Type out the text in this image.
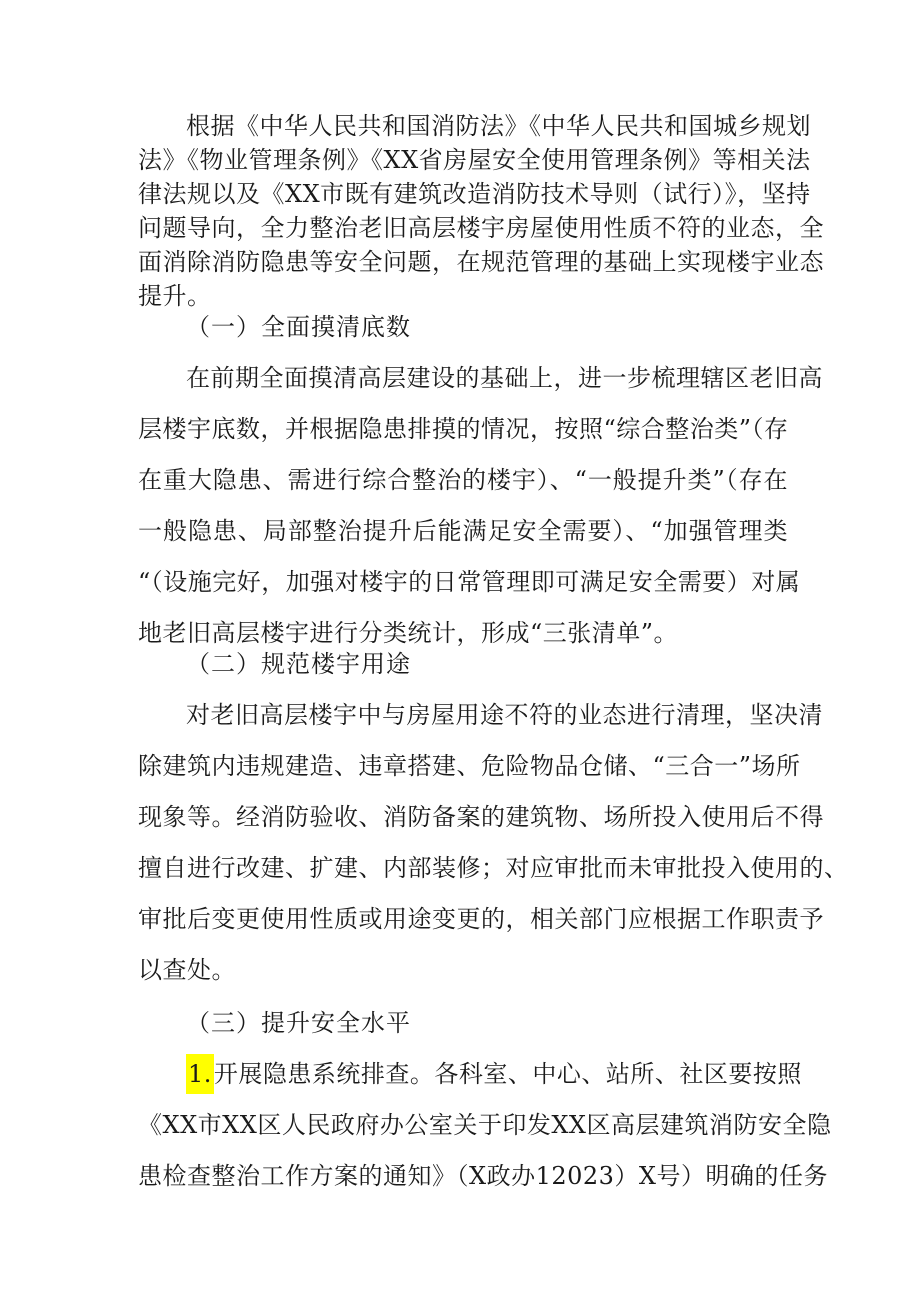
根据《中华人民共和国消防法》《中华人民共和国城乡规划
法》《物业管理条例》《XX省房屋安全使用管理条例》等相关法
律法规以及《XX市既有建筑改造消防技术导则（试行）》，坚持
问题导向，全力整治老旧高层楼宇房屋使用性质不符的业态，全
面消除消防隐患等安全问题，在规范管理的基础上实现楼宇业态
提升。
（一）全面摸清底数
在前期全面摸清高层建设的基础上，进一步梳理辖区老旧高
层楼宇底数，并根据隐患排摸的情况，按照“综合整治类”（存
在重大隐患、需进行综合整治的楼宇）、“一般提升类”（存在
一般隐患、局部整治提升后能满足安全需要）、“加强管理类
“（设施完好，加强对楼宇的日常管理即可满足安全需要）对属
地老旧高层楼宇进行分类统计，形成“三张清单”。
（二）规范楼宇用途
对老旧高层楼宇中与房屋用途不符的业态进行清理，坚决清
除建筑内违规建造、违章搭建、危险物品仓储、“三合一”场所
现象等。经消防验收、消防备案的建筑物、场所投入使用后不得
擅自进行改建、扩建、内部装修；对应审批而未审批投入使用的、
审批后变更使用性质或用途变更的，相关部门应根据工作职责予
以查处。
（三）提升安全水平
1.开展隐患系统排查。各科室、中心、站所、社区要按照
《XX市XX区人民政府办公室关于印发XX区高层建筑消防安全隐
患检查整治工作方案的通知》（X政办12023）X号）明确的任务
